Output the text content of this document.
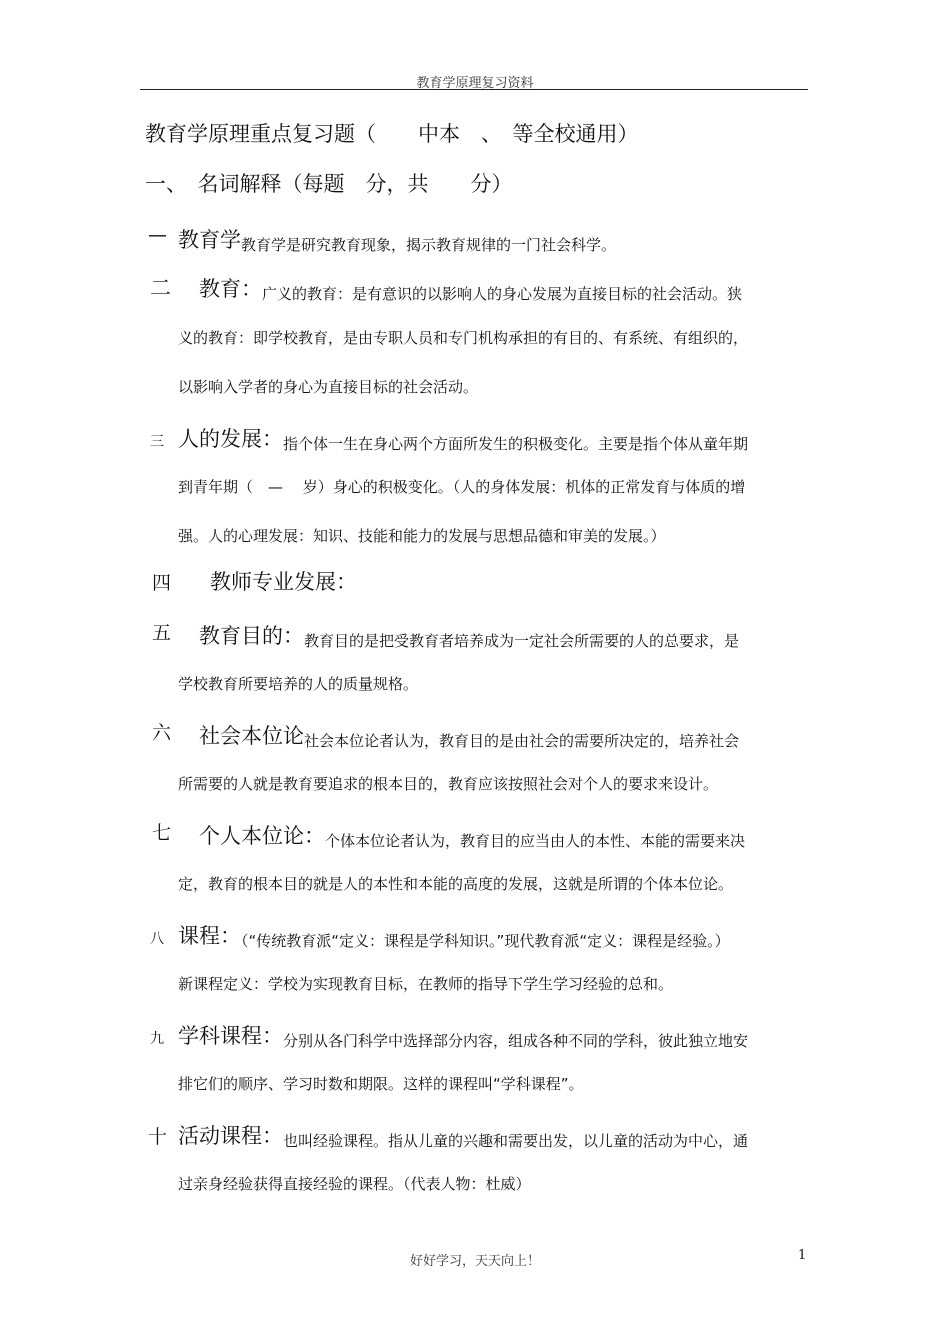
教育学原理复习资料
教育学原理重点复习题（　　中本　、　等全校通用）
一、　名词解释（每题　分，共　　分）
— 教育学教育学是研究教育现象，揭示教育规律的一门社会科学。
二 　教育：广义的教育：是有意识的以影响人的身心发展为直接目标的社会活动。狭
义的教育：即学校教育，是由专职人员和专门机构承担的有目的、有系统、有组织的，
以影响入学者的身心为直接目标的社会活动。
三 人的发展：指个体一生在身心两个方面所发生的积极变化。主要是指个体从童年期
到青年期（　—　 岁）身心的积极变化。（人的身体发展：机体的正常发育与体质的增
强。人的心理发展：知识、技能和能力的发展与思想品德和审美的发展。）
四 教师专业发展：
五 　教育目的：教育目的是把受教育者培养成为一定社会所需要的人的总要求，是
学校教育所要培养的人的质量规格。
六 　社会本位论社会本位论者认为，教育目的是由社会的需要所决定的，培养社会
所需要的人就是教育要追求的根本目的，教育应该按照社会对个人的要求来设计。
七 　个人本位论：个体本位论者认为，教育目的应当由人的本性、本能的需要来决
定，教育的根本目的就是人的本性和本能的高度的发展，这就是所谓的个体本位论。
八 课程：（“传统教育派“定义：课程是学科知识。”现代教育派“定义：课程是经验。）
新课程定义：学校为实现教育目标，在教师的指导下学生学习经验的总和。
九 学科课程：分别从各门科学中选择部分内容，组成各种不同的学科，彼此独立地安
排它们的顺序、学习时数和期限。这样的课程叫“学科课程”。
十 活动课程：也叫经验课程。指从儿童的兴趣和需要出发，以儿童的活动为中心，通
过亲身经验获得直接经验的课程。（代表人物：杜威）
好好学习，天天向上！	1
